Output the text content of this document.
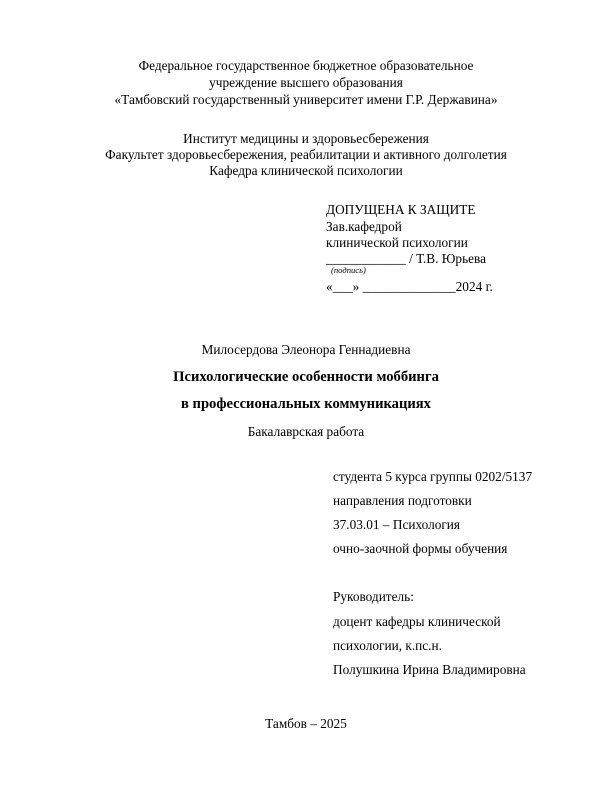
Федеральное государственное бюджетное образовательное
учреждение высшего образования
«Тамбовский государственный университет имени Г.Р. Державина»
Институт медицины и здоровьесбережения
Факультет здоровьесбережения, реабилитации и активного долголетия
Кафедра клинической психологии
ДОПУЩЕНА К ЗАЩИТЕ
Зав.кафедрой
клинической психологии
____________ / Т.В. Юрьева
(подпись)
«___» ______________2024 г.
Милосердова Элеонора Геннадиевна
Психологические особенности моббинга
в профессиональных коммуникациях
Бакалаврская работа
студента 5 курса группы 0202/5137
направления подготовки
37.03.01 – Психология
очно-заочной формы обучения
Руководитель:
доцент кафедры клинической
психологии, к.пс.н.
Полушкина Ирина Владимировна
Тамбов – 2025
